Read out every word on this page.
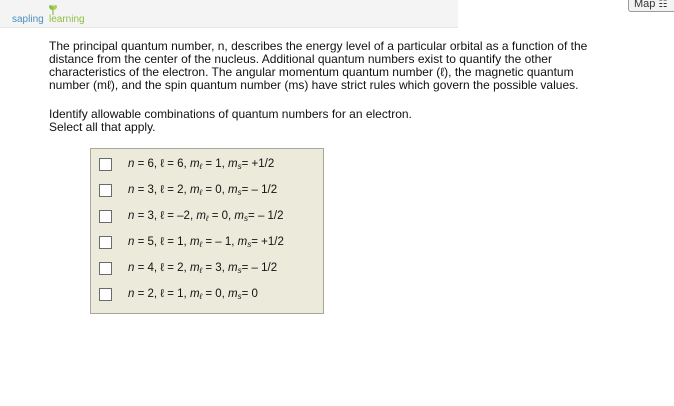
sapling learning
Map ☷
The principal quantum number, n, describes the energy level of a particular orbital as a function of the
distance from the center of the nucleus. Additional quantum numbers exist to quantify the other
characteristics of the electron. The angular momentum quantum number (ℓ), the magnetic quantum
number (mℓ), and the spin quantum number (ms) have strict rules which govern the possible values.
Identify allowable combinations of quantum numbers for an electron.
Select all that apply.
n = 6, ℓ = 6, $m_\ell = 1$, $m_s= +1/2$
n = 3, ℓ = 2, $m_\ell = 0$, $m_s= - 1/2$
n = 3, ℓ = –2, $m_\ell = 0$, $m_s= - 1/2$
n = 5, ℓ = 1, $m_\ell$ = – 1, $m_s= +1/2$
n = 4, ℓ = 2, $m_\ell = 3$, $m_s= - 1/2$
n = 2, ℓ = 1, $m_\ell = 0$, $m_s= 0$
